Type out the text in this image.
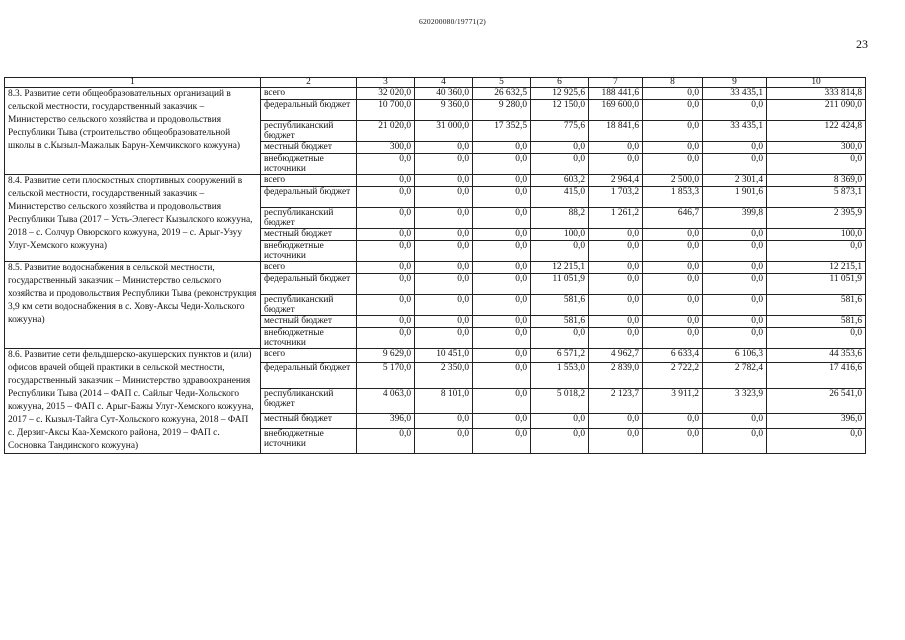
620200080/19771(2)
23
1	2	3	4	5	6	7	8	9	10
8.3. Развитие сети общеобразовательных организаций в сельской местности, государственный заказчик – Министерство сельского хозяйства и продовольствия Республики Тыва (строительство общеобразовательной школы в с.Кызыл-Мажалык Барун-Хемчикского кожууна)	всего	32 020,0	40 360,0	26 632,5	12 925,6	188 441,6	0,0	33 435,1	333 814,8
	федеральный бюджет	10 700,0	9 360,0	9 280,0	12 150,0	169 600,0	0,0	0,0	211 090,0
	республиканский бюджет	21 020,0	31 000,0	17 352,5	775,6	18 841,6	0,0	33 435,1	122 424,8
	местный бюджет	300,0	0,0	0,0	0,0	0,0	0,0	0,0	300,0
	внебюджетные источники	0,0	0,0	0,0	0,0	0,0	0,0	0,0	0,0
8.4. Развитие сети плоскостных спортивных сооружений в сельской местности, государственный заказчик – Министерство сельского хозяйства и продовольствия Республики Тыва (2017 – Усть-Элегест Кызылского кожууна, 2018 – с. Солчур Овюрского кожууна, 2019 – с. Арыг-Узуу Улуг-Хемского кожууна)	всего	0,0	0,0	0,0	603,2	2 964,4	2 500,0	2 301,4	8 369,0
	федеральный бюджет	0,0	0,0	0,0	415,0	1 703,2	1 853,3	1 901,6	5 873,1
	республиканский бюджет	0,0	0,0	0,0	88,2	1 261,2	646,7	399,8	2 395,9
	местный бюджет	0,0	0,0	0,0	100,0	0,0	0,0	0,0	100,0
	внебюджетные источники	0,0	0,0	0,0	0,0	0,0	0,0	0,0	0,0
8.5. Развитие водоснабжения в сельской местности, государственный заказчик – Министерство сельского хозяйства и продовольствия Республики Тыва (реконструкция 3,9 км сети водоснабжения в с. Хову-Аксы Чеди-Хольского кожууна)	всего	0,0	0,0	0,0	12 215,1	0,0	0,0	0,0	12 215,1
	федеральный бюджет	0,0	0,0	0,0	11 051,9	0,0	0,0	0,0	11 051,9
	республиканский бюджет	0,0	0,0	0,0	581,6	0,0	0,0	0,0	581,6
	местный бюджет	0,0	0,0	0,0	581,6	0,0	0,0	0,0	581,6
	внебюджетные источники	0,0	0,0	0,0	0,0	0,0	0,0	0,0	0,0
8.6. Развитие сети фельдшерско-акушерских пунктов и (или) офисов врачей общей практики в сельской местности, государственный заказчик – Министерство здравоохранения Республики Тыва (2014 – ФАП с. Сайлыг Чеди-Хольского кожууна, 2015 – ФАП с. Арыг-Бажы Улуг-Хемского кожууна, 2017 – с. Кызыл-Тайга Сут-Хольского кожууна, 2018 – ФАП с. Дерзиг-Аксы Каа-Хемского района, 2019 – ФАП с. Сосновка Тандинского кожууна)	всего	9 629,0	10 451,0	0,0	6 571,2	4 962,7	6 633,4	6 106,3	44 353,6
	федеральный бюджет	5 170,0	2 350,0	0,0	1 553,0	2 839,0	2 722,2	2 782,4	17 416,6
	республиканский бюджет	4 063,0	8 101,0	0,0	5 018,2	2 123,7	3 911,2	3 323,9	26 541,0
	местный бюджет	396,0	0,0	0,0	0,0	0,0	0,0	0,0	396,0
	внебюджетные источники	0,0	0,0	0,0	0,0	0,0	0,0	0,0	0,0
